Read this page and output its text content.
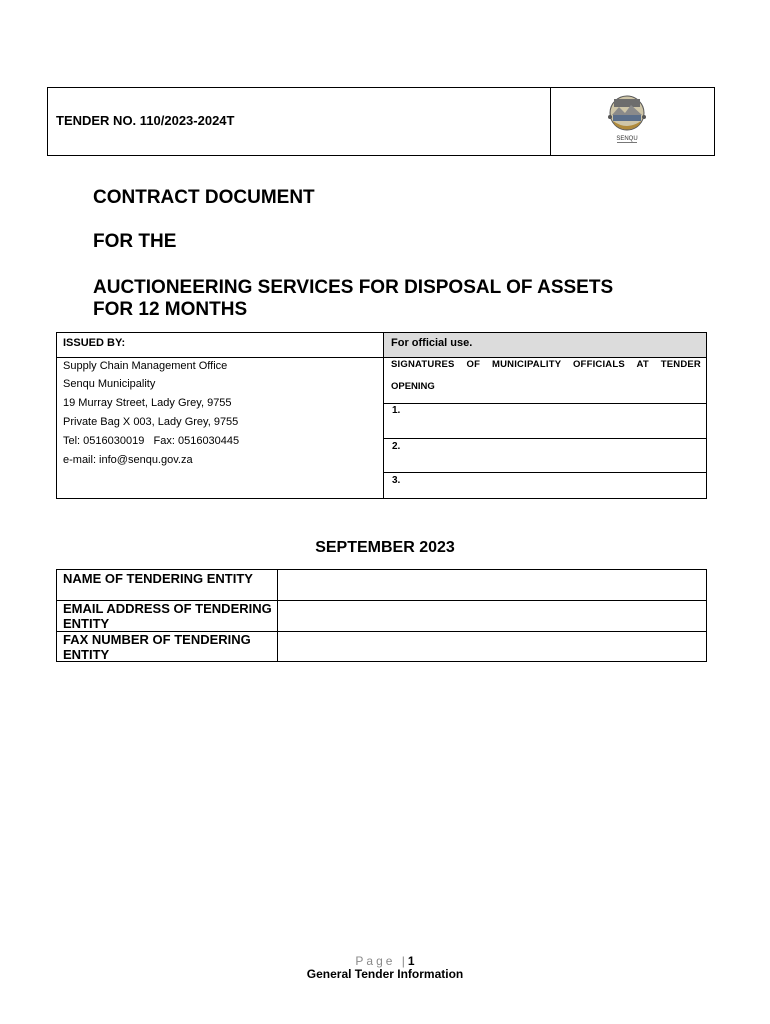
TENDER NO. 110/2023-2024T
SENQU
CONTRACT DOCUMENT
FOR THE
AUCTIONEERING SERVICES FOR DISPOSAL OF ASSETS
FOR 12 MONTHS
ISSUED BY:	For official use.
Supply Chain Management Office
Senqu Municipality
19 Murray Street, Lady Grey, 9755
Private Bag X 003, Lady Grey, 9755
Tel: 0516030019   Fax: 0516030445
e-mail: info@senqu.gov.za
SIGNATURES OF MUNICIPALITY OFFICIALS AT TENDER
OPENING
1.
2.
3.
SEPTEMBER 2023
NAME OF TENDERING ENTITY
EMAIL ADDRESS OF TENDERING ENTITY
FAX NUMBER OF TENDERING ENTITY
Page |1
General Tender Information
